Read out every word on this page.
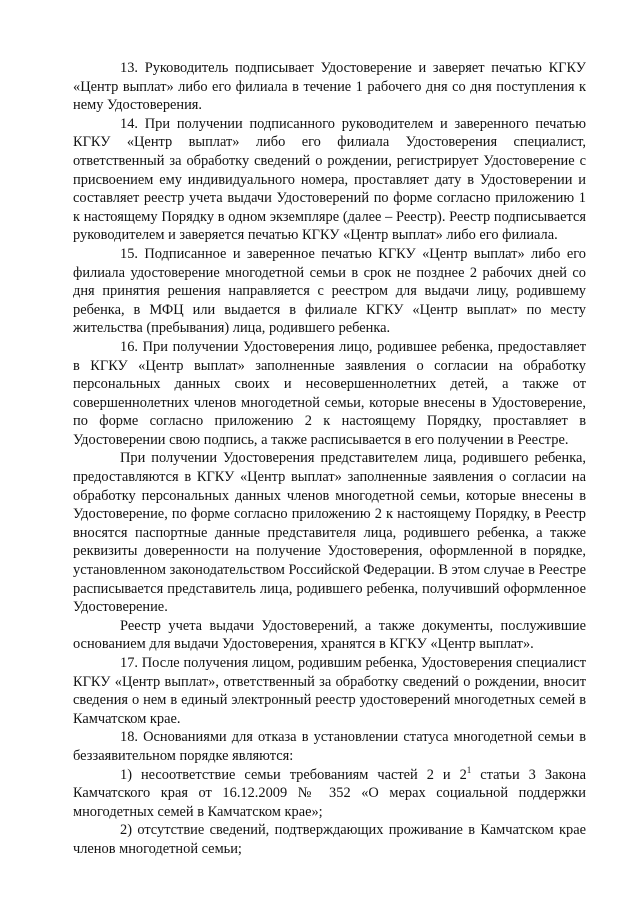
13. Руководитель подписывает Удостоверение и заверяет печатью КГКУ «Центр выплат» либо его филиала в течение 1 рабочего дня со дня поступления к нему Удостоверения.

14. При получении подписанного руководителем и заверенного печатью КГКУ «Центр выплат» либо его филиала Удостоверения специалист, ответственный за обработку сведений о рождении, регистрирует Удостоверение с присвоением ему индивидуального номера, проставляет дату в Удостоверении и составляет реестр учета выдачи Удостоверений по форме согласно приложению 1 к настоящему Порядку в одном экземпляре (далее – Реестр). Реестр подписывается руководителем и заверяется печатью КГКУ «Центр выплат» либо его филиала.

15. Подписанное и заверенное печатью КГКУ «Центр выплат» либо его филиала удостоверение многодетной семьи в срок не позднее 2 рабочих дней со дня принятия решения направляется с реестром для выдачи лицу, родившему ребенка, в МФЦ или выдается в филиале КГКУ «Центр выплат» по месту жительства (пребывания) лица, родившего ребенка.

16. При получении Удостоверения лицо, родившее ребенка, предоставляет в КГКУ «Центр выплат» заполненные заявления о согласии на обработку персональных данных своих и несовершеннолетних детей, а также от совершеннолетних членов многодетной семьи, которые внесены в Удостоверение, по форме согласно приложению 2 к настоящему Порядку, проставляет в Удостоверении свою подпись, а также расписывается в его получении в Реестре.

При получении Удостоверения представителем лица, родившего ребенка, предоставляются в КГКУ «Центр выплат» заполненные заявления о согласии на обработку персональных данных членов многодетной семьи, которые внесены в Удостоверение, по форме согласно приложению 2 к настоящему Порядку, в Реестр вносятся паспортные данные представителя лица, родившего ребенка, а также реквизиты доверенности на получение Удостоверения, оформленной в порядке, установленном законодательством Российской Федерации. В этом случае в Реестре расписывается представитель лица, родившего ребенка, получивший оформленное Удостоверение.

Реестр учета выдачи Удостоверений, а также документы, послужившие основанием для выдачи Удостоверения, хранятся в КГКУ «Центр выплат».

17. После получения лицом, родившим ребенка, Удостоверения специалист КГКУ «Центр выплат», ответственный за обработку сведений о рождении, вносит сведения о нем в единый электронный реестр удостоверений многодетных семей в Камчатском крае.

18. Основаниями для отказа в установлении статуса многодетной семьи в беззаявительном порядке являются:

1) несоответствие семьи требованиям частей 2 и $2^1$ статьи 3 Закона Камчатского края от 16.12.2009 № 352 «О мерах социальной поддержки многодетных семей в Камчатском крае»;

2) отсутствие сведений, подтверждающих проживание в Камчатском крае членов многодетной семьи;
